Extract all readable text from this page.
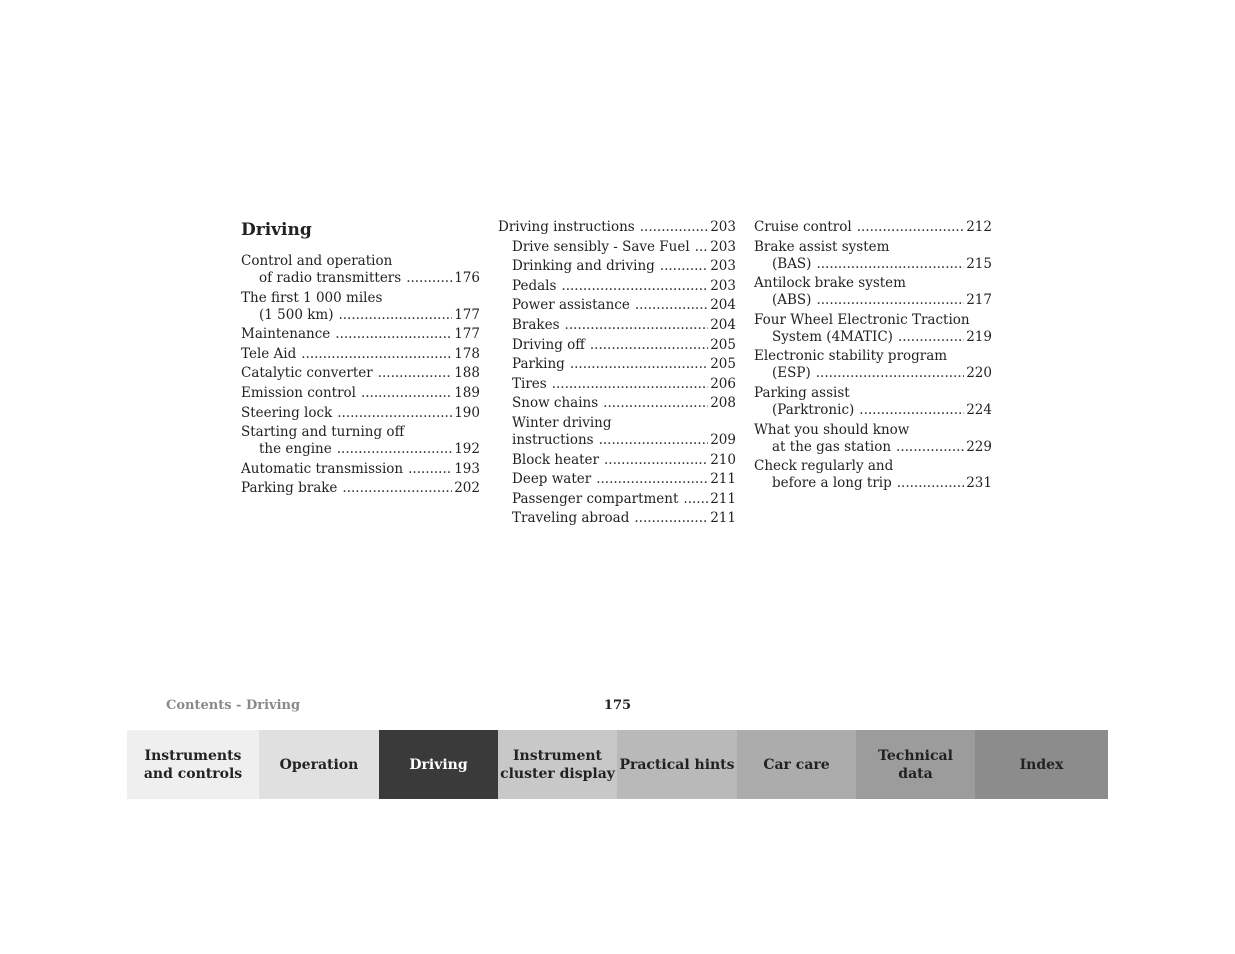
Driving
Control and operation
of radio transmitters .....	176
The first 1 000 miles
(1 500 km) .....	177
Maintenance .....	177
Tele Aid .....	178
Catalytic converter .....	188
Emission control .....	189
Steering lock .....	190
Starting and turning off
the engine .....	192
Automatic transmission .....	193
Parking brake .....	202
Driving instructions .....	203
Drive sensibly - Save Fuel ..... 203
Drinking and driving .....	203
Pedals .....	203
Power assistance .....	204
Brakes .....	204
Driving off .....	205
Parking .....	205
Tires .....	206
Snow chains .....	208
Winter driving
instructions .....	209
Block heater .....	210
Deep water .....	211
Passenger compartment ..... 211
Traveling abroad .....	211
Cruise control .....	212
Brake assist system
(BAS) .....	215
Antilock brake system
(ABS) .....	217
Four Wheel Electronic Traction
System (4MATIC) .....	219
Electronic stability program
(ESP) .....	220
Parking assist
(Parktronic) .....	224
What you should know
at the gas station .....	229
Check regularly and
before a long trip .....	231
Contents - Driving	175
Instruments
and controls
Operation	Driving
Instrument
cluster display
Practical hints Car care
Technical
data
Index
